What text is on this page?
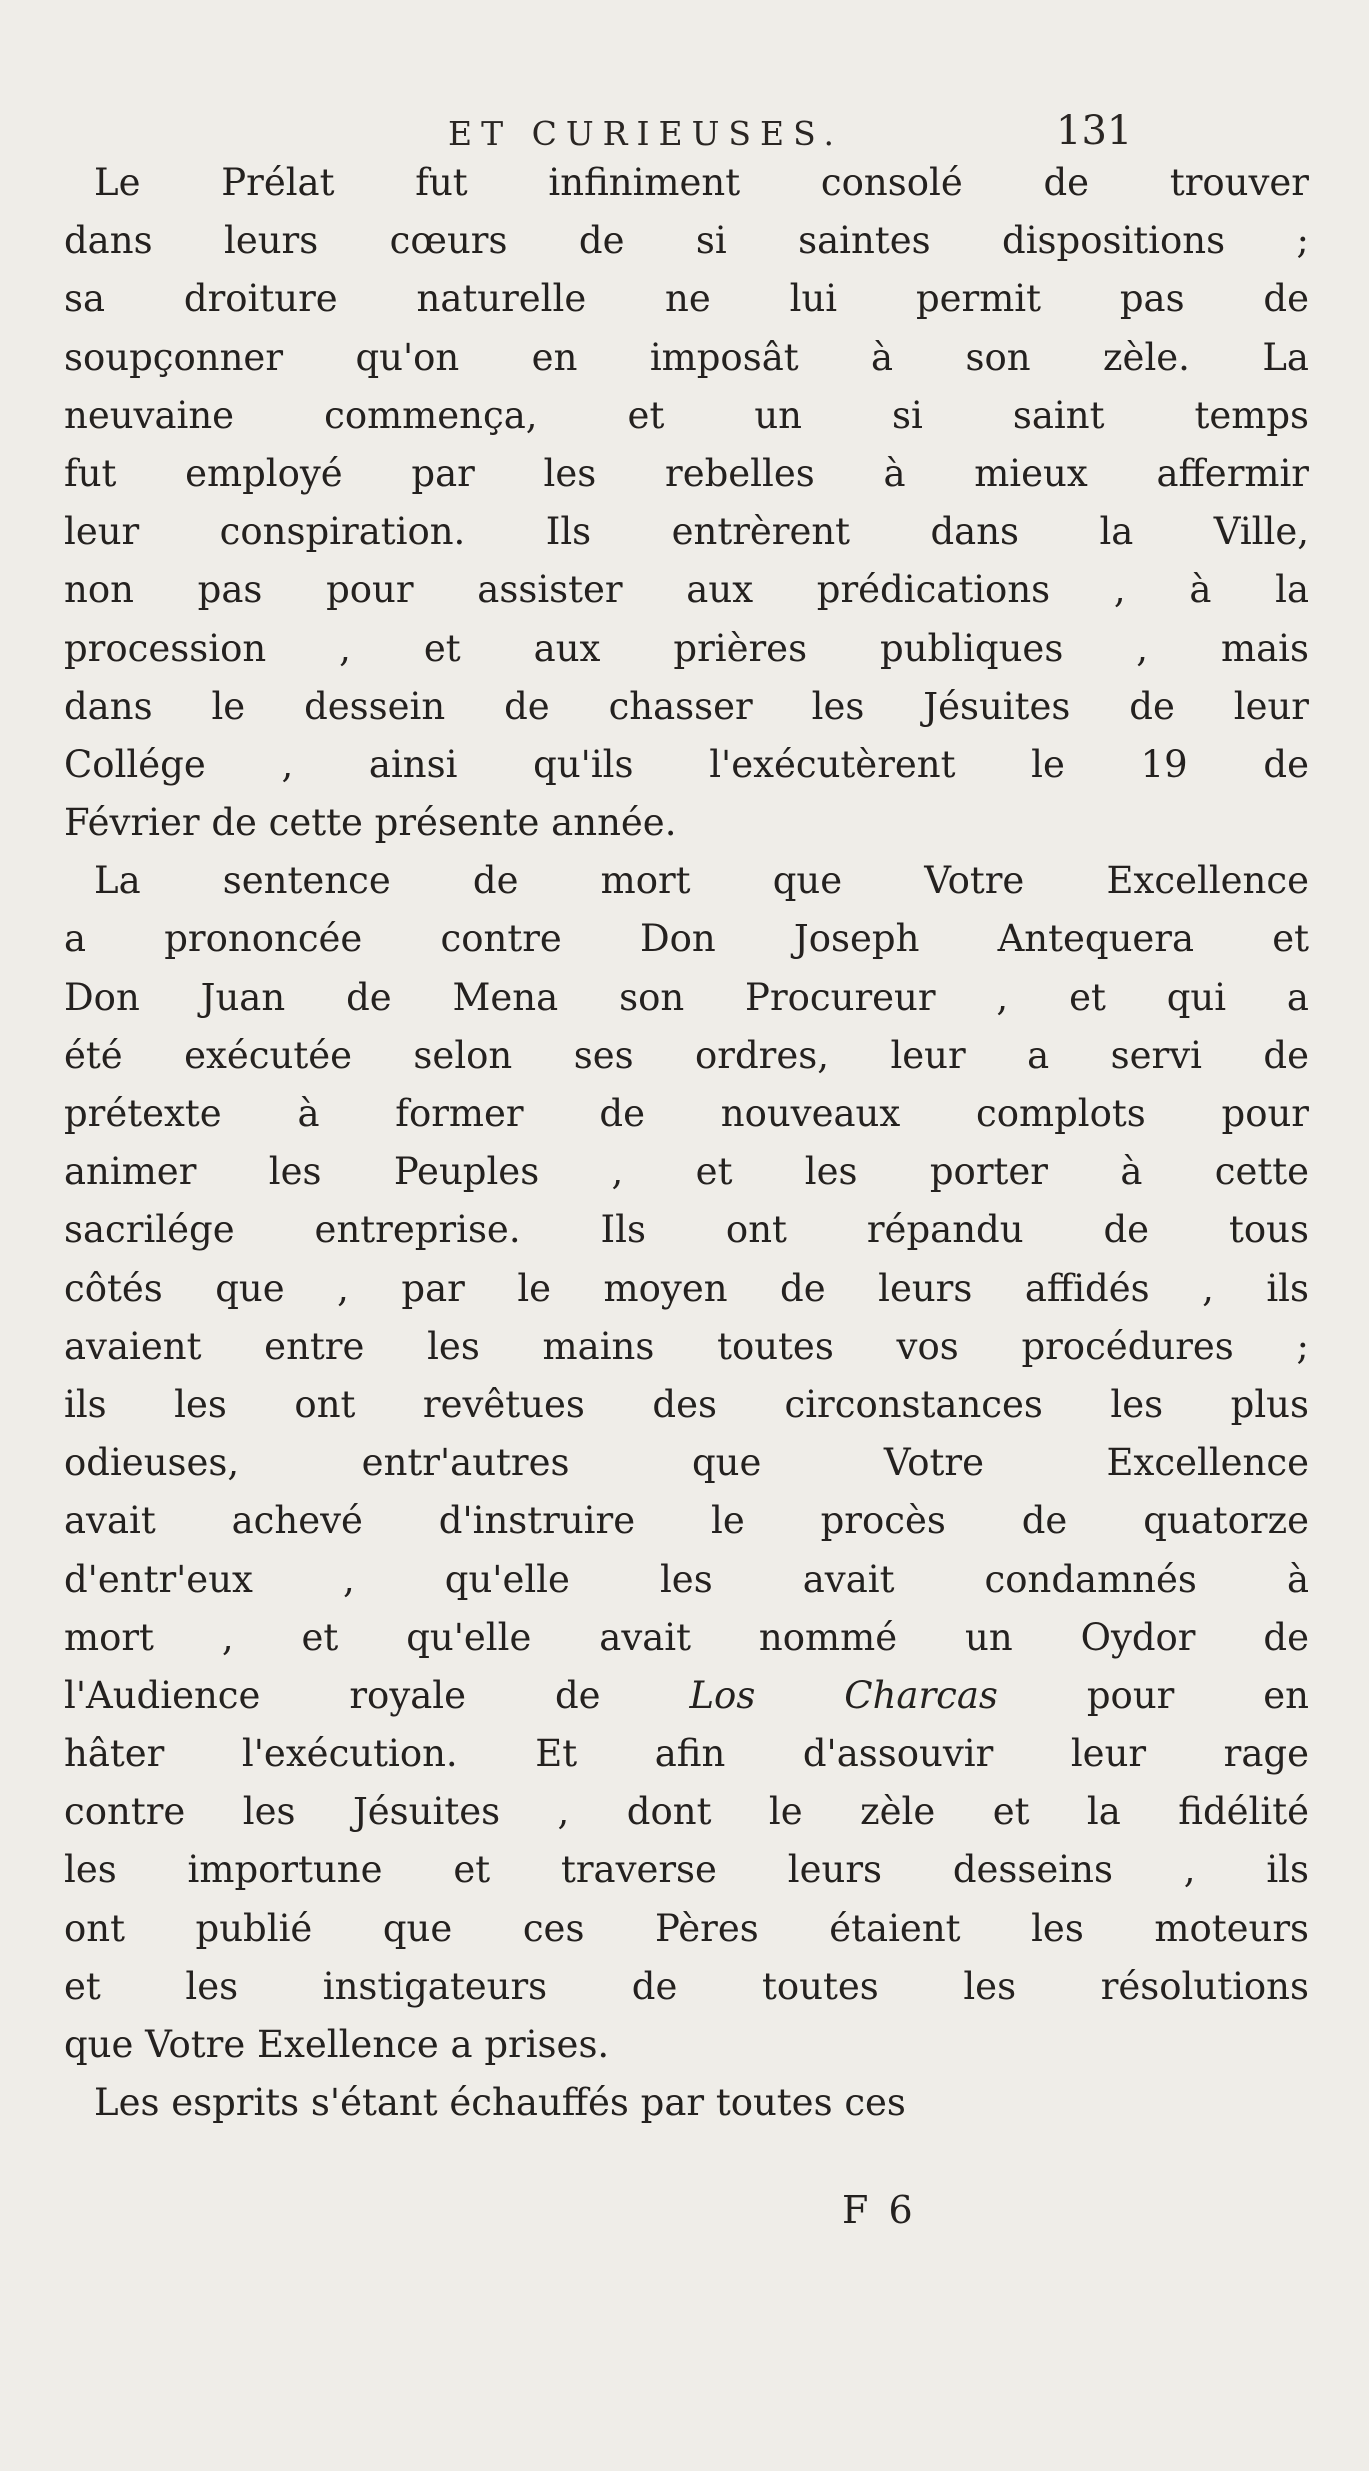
ET CURIEUSES.	131
Le Prélat fut infiniment consolé de trouver
dans leurs cœurs de si saintes dispositions ;
sa droiture naturelle ne lui permit pas de
soupçonner qu'on en imposât à son zèle. La
neuvaine commença, et un si saint temps
fut employé par les rebelles à mieux affermir
leur conspiration. Ils entrèrent dans la Ville,
non pas pour assister aux prédications , à la
procession , et aux prières publiques , mais
dans le dessein de chasser les Jésuites de leur
Collége , ainsi qu'ils l'exécutèrent le 19 de
Février de cette présente année.
La sentence de mort que Votre Excellence
a prononcée contre Don Joseph Antequera et
Don Juan de Mena son Procureur , et qui a
été exécutée selon ses ordres, leur a servi de
prétexte à former de nouveaux complots pour
animer les Peuples , et les porter à cette
sacrilége entreprise. Ils ont répandu de tous
côtés que , par le moyen de leurs affidés , ils
avaient entre les mains toutes vos procédures ;
ils les ont revêtues des circonstances les plus
odieuses, entr'autres que Votre Excellence
avait achevé d'instruire le procès de quatorze
d'entr'eux , qu'elle les avait condamnés à
mort , et qu'elle avait nommé un Oydor de
l'Audience royale de Los Charcas pour en
hâter l'exécution. Et afin d'assouvir leur rage
contre les Jésuites , dont le zèle et la fidélité
les importune et traverse leurs desseins , ils
ont publié que ces Pères étaient les moteurs
et les instigateurs de toutes les résolutions
que Votre Exellence a prises.
Les esprits s'étant échauffés par toutes ces
F 6
